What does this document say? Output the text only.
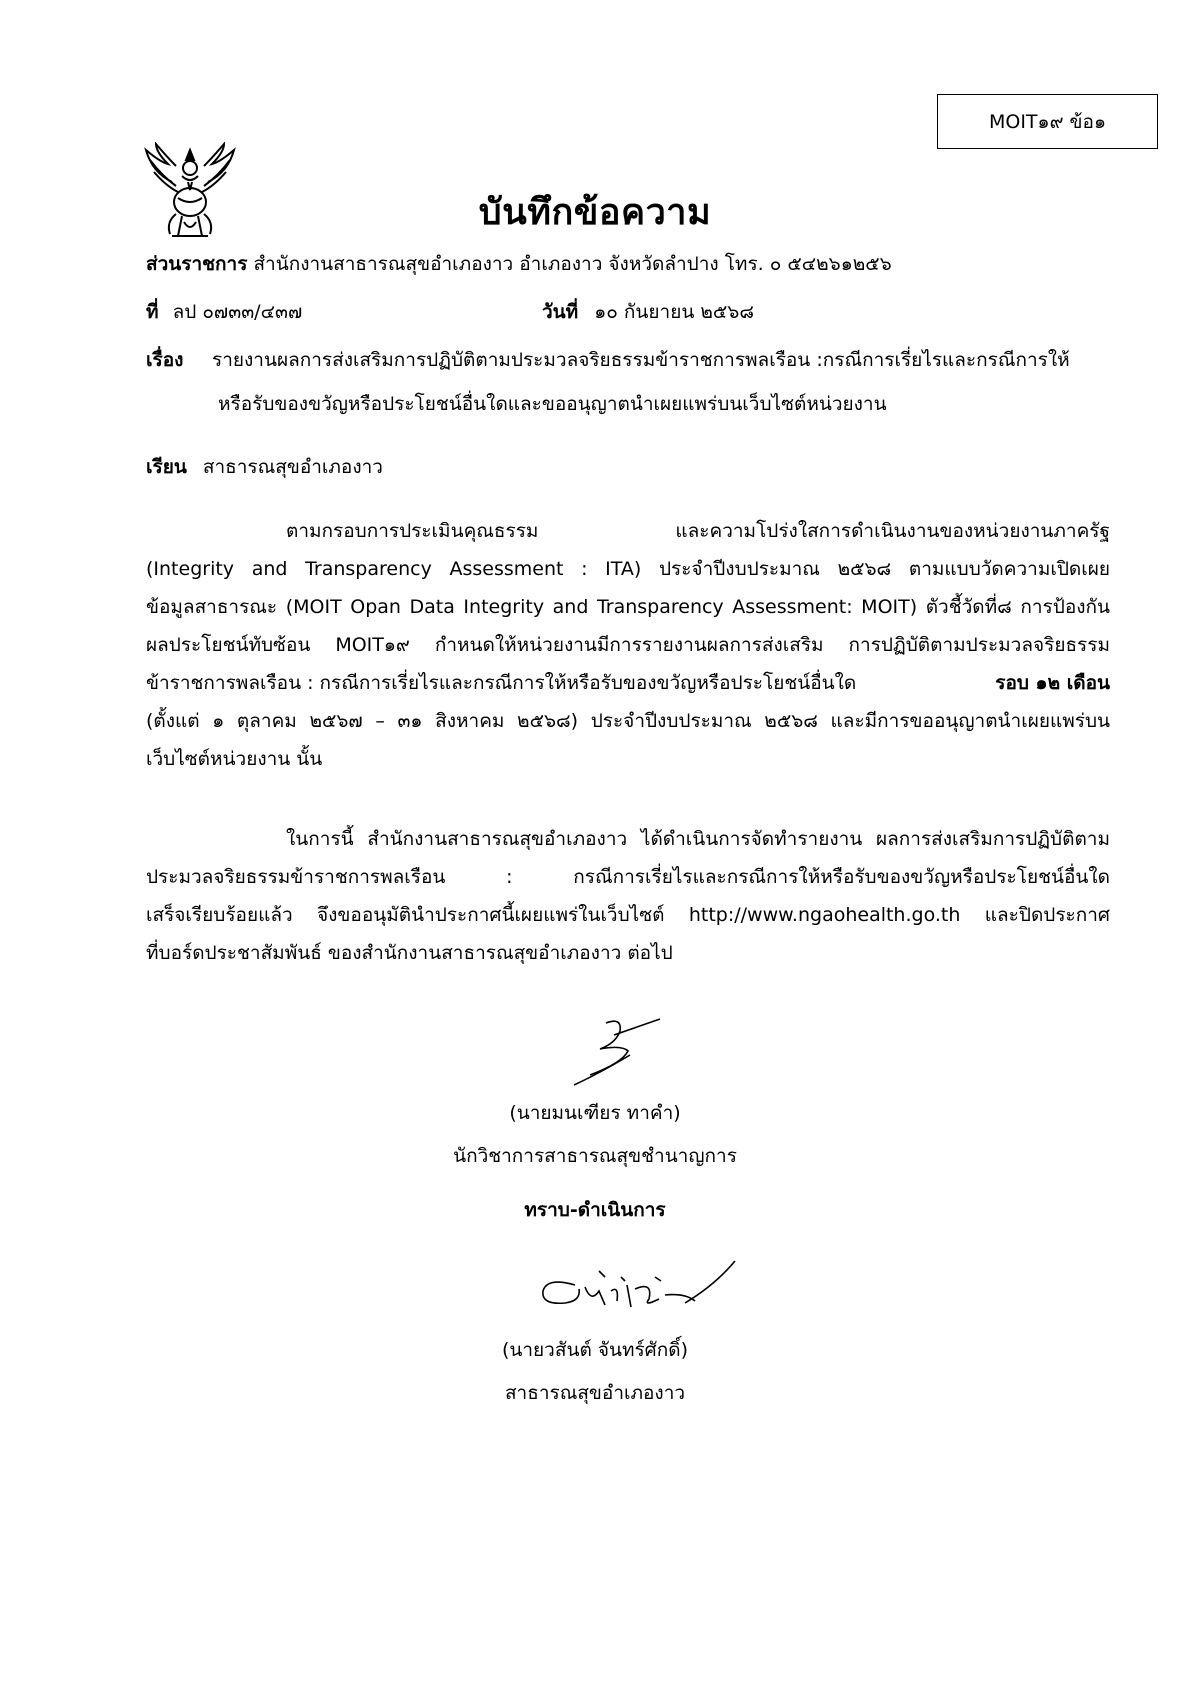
MOIT๑๙ ข้อ๑
บันทึกข้อความ
ส่วนราชการ สำนักงานสาธารณสุขอำเภองาว อำเภองาว จังหวัดลำปาง โทร. ๐ ๕๔๒๖๑๒๕๖
ที่ ลป ๐๗๓๓/๔๓๗	วันที่ ๑๐ กันยายน ๒๕๖๘
เรื่อง รายงานผลการส่งเสริมการปฏิบัติตามประมวลจริยธรรมข้าราชการพลเรือน :กรณีการเรี่ยไรและกรณีการให้
หรือรับของขวัญหรือประโยชน์อื่นใดและขออนุญาตนำเผยแพร่บนเว็บไซต์หน่วยงาน
เรียน สาธารณสุขอำเภองาว
ตามกรอบการประเมินคุณธรรม และความโปร่งใสการดำเนินงานของหน่วยงานภาครัฐ
(Integrity and Transparency Assessment : ITA) ประจำปีงบประมาณ ๒๕๖๘ ตามแบบวัดความเปิดเผย
ข้อมูลสาธารณะ (MOIT Opan Data Integrity and Transparency Assessment: MOIT) ตัวชี้วัดที่๘ การป้องกัน
ผลประโยชน์ทับซ้อน MOIT๑๙ กำหนดให้หน่วยงานมีการรายงานผลการส่งเสริม การปฏิบัติตามประมวลจริยธรรม
ข้าราชการพลเรือน : กรณีการเรี่ยไรและกรณีการให้หรือรับของขวัญหรือประโยชน์อื่นใด	รอบ ๑๒ เดือน
(ตั้งแต่ ๑ ตุลาคม ๒๕๖๗ – ๓๑ สิงหาคม ๒๕๖๘) ประจำปีงบประมาณ ๒๕๖๘ และมีการขออนุญาตนำเผยแพร่บน
เว็บไซต์หน่วยงาน นั้น
ในการนี้ สำนักงานสาธารณสุขอำเภองาว ได้ดำเนินการจัดทำรายงาน ผลการส่งเสริมการปฏิบัติตาม
ประมวลจริยธรรมข้าราชการพลเรือน : กรณีการเรี่ยไรและกรณีการให้หรือรับของขวัญหรือประโยชน์อื่นใด
เสร็จเรียบร้อยแล้ว จึงขออนุมัตินำประกาศนี้เผยแพร่ในเว็บไซต์ http://www.ngaohealth.go.th และปิดประกาศ
ที่บอร์ดประชาสัมพันธ์ ของสำนักงานสาธารณสุขอำเภองาว ต่อไป
(นายมนเฑียร ทาคำ)
นักวิชาการสาธารณสุขชำนาญการ
ทราบ-ดำเนินการ
(นายวสันต์ จันทร์ศักดิ์)
สาธารณสุขอำเภองาว
